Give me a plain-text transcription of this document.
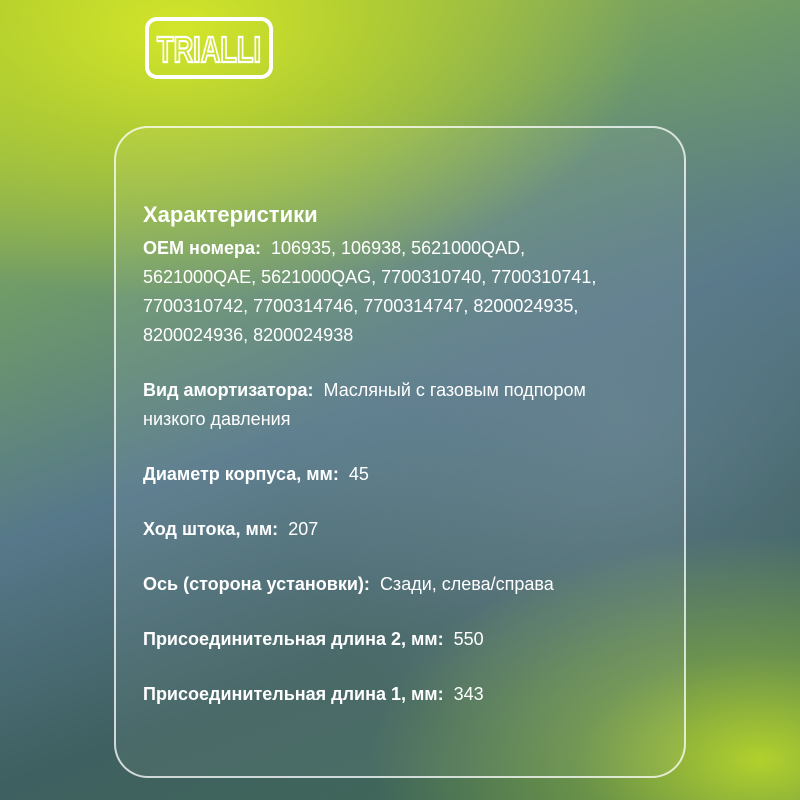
TRIALLI

Характеристики

OEM номера: 106935, 106938, 5621000QAD, 5621000QAE, 5621000QAG, 7700310740, 7700310741, 7700310742, 7700314746, 7700314747, 8200024935, 8200024936, 8200024938

Вид амортизатора: Масляный с газовым подпором низкого давления

Диаметр корпуса, мм: 45

Ход штока, мм: 207

Ось (сторона установки): Сзади, слева/справа

Присоединительная длина 2, мм: 550

Присоединительная длина 1, мм: 343
